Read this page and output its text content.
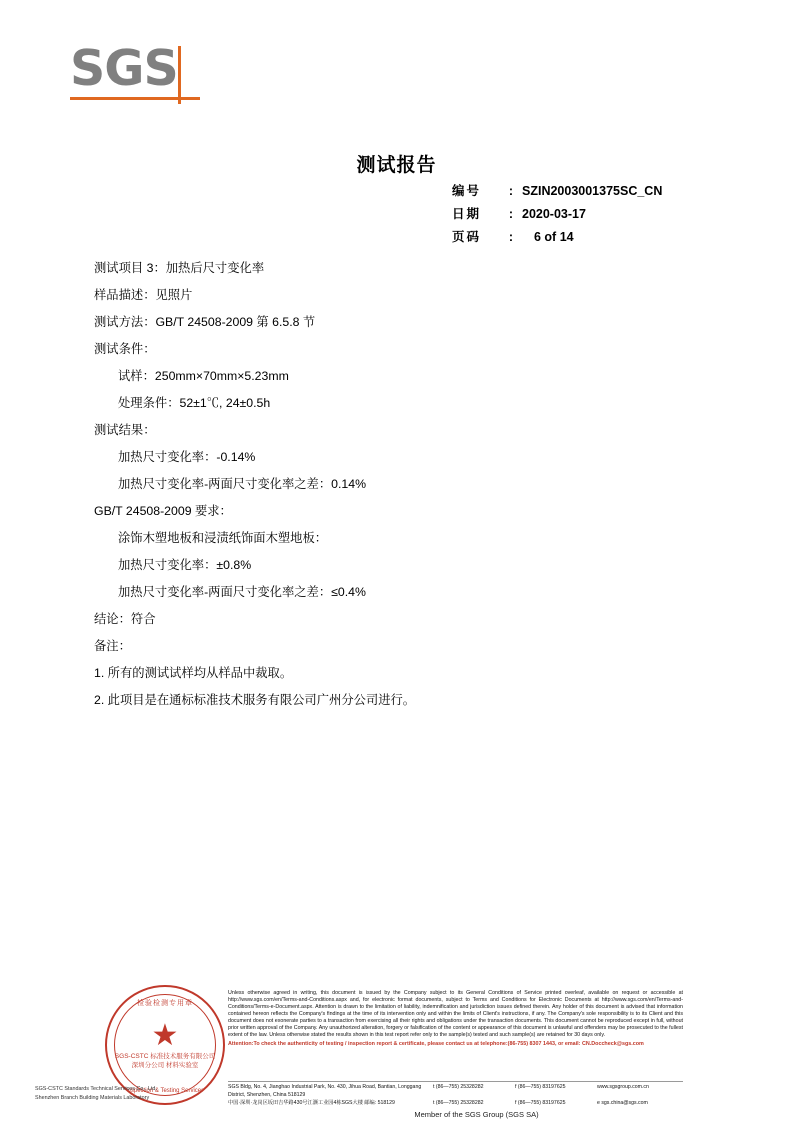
SGS
测试报告
编号	: SZIN2003001375SC_CN
日期	: 2020-03-17
页码	:	6 of 14
测试项目 3：加热后尺寸变化率
样品描述：见照片
测试方法：GB/T 24508-2009 第 6.5.8 节
测试条件：
试样：250mm×70mm×5.23mm
处理条件：52±1℃, 24±0.5h
测试结果：
加热尺寸变化率：-0.14%
加热尺寸变化率-两面尺寸变化率之差：0.14%
GB/T 24508-2009 要求：
涂饰木塑地板和浸渍纸饰面木塑地板：
加热尺寸变化率：±0.8%
加热尺寸变化率-两面尺寸变化率之差：≤0.4%
结论：符合
备注：
1. 所有的测试试样均从样品中裁取。
2. 此项目是在通标标准技术服务有限公司广州分公司进行。
检验检测专用章
★
SGS-CSTC 标准技术服务有限公司
深圳分公司 材料实验室
Inspection & Testing Services
SGS-CSTC Standards Technical Services Co., Ltd.
Shenzhen Branch Building Materials Laboratory
Unless otherwise agreed in writing, this document is issued by the Company subject to its General Conditions of Service printed overleaf, available on request or accessible at http://www.sgs.com/en/Terms-and-Conditions.aspx and, for electronic format documents, subject to Terms and Conditions for Electronic Documents at http://www.sgs.com/en/Terms-and-Conditions/Terms-e-Document.aspx. Attention is drawn to the limitation of liability, indemnification and jurisdiction issues defined therein. Any holder of this document is advised that information contained hereon reflects the Company's findings at the time of its intervention only and within the limits of Client's instructions, if any. The Company's sole responsibility is to its Client and this document does not exonerate parties to a transaction from exercising all their rights and obligations under the transaction documents. This document cannot be reproduced except in full, without prior written approval of the Company. Any unauthorized alteration, forgery or falsification of the content or appearance of this document is unlawful and offenders may be prosecuted to the fullest extent of the law. Unless otherwise stated the results shown in this test report refer only to the sample(s) tested and such sample(s) are retained for 30 days only.
Attention:To check the authenticity of testing / inspection report & certificate, please contact us at telephone:(86-755) 8307 1443, or email: CN.Doccheck@sgs.com
SGS Bldg, No. 4, Jianghao Industrial Park, No. 430, Jihua Road, Bantian, Longgang District, Shenzhen, China 518129
t (86—755) 25328282	f (86—755) 83197625	www.sgsgroup.com.cn
中国·深圳·龙岗区坂田吉华路430号江灏工业园4栋SGS大楼 邮编: 518129	t (86—755) 25328282	f (86—755) 83197625	e sgs.china@sgs.com
Member of the SGS Group (SGS SA)
